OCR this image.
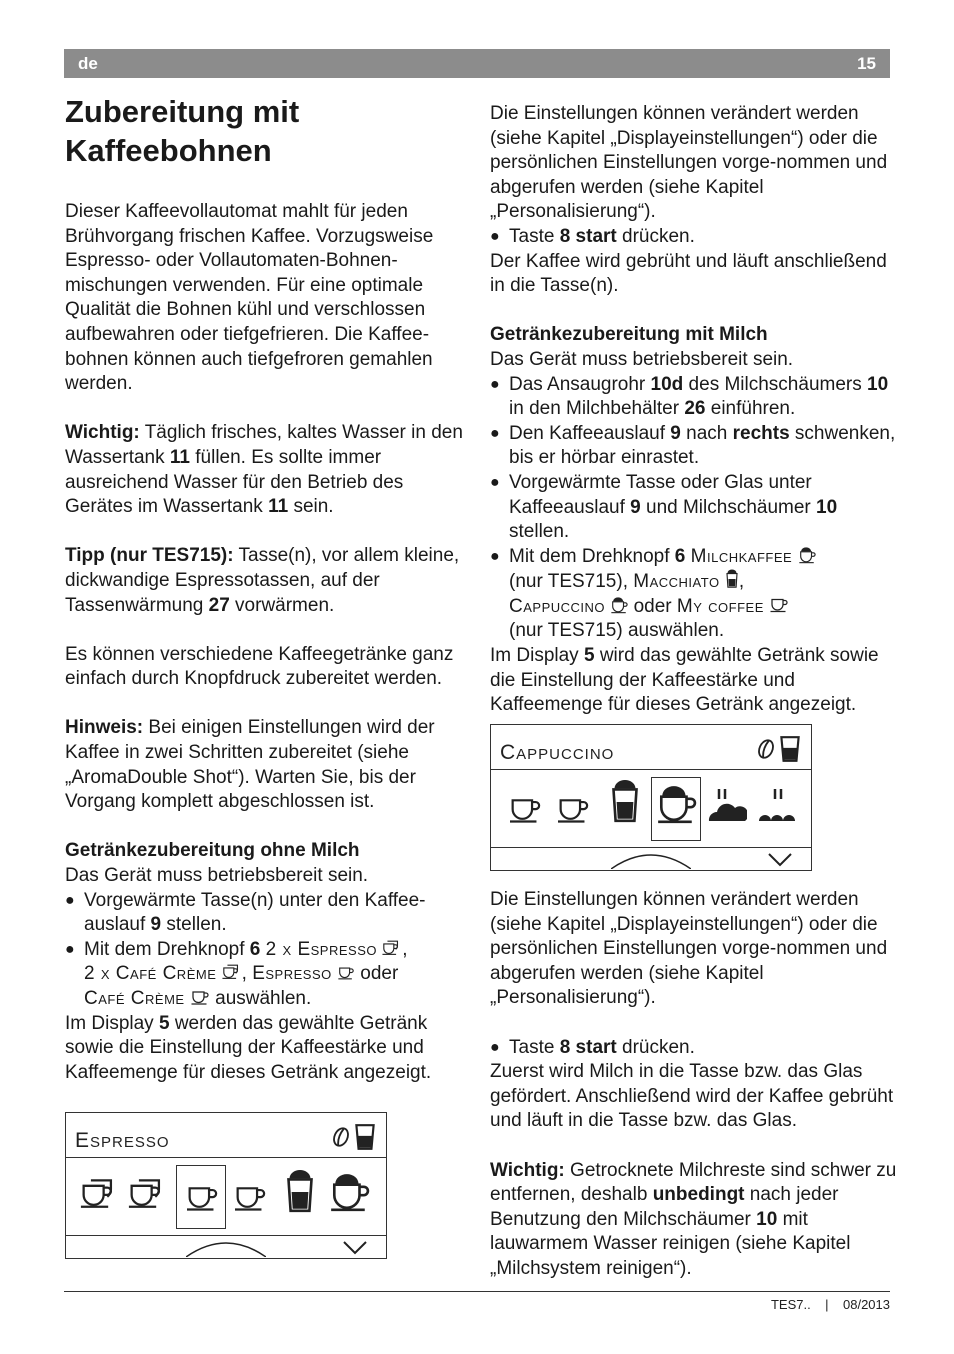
de	15
Zubereitung mit Kaffeebohnen

Dieser Kaffeevollautomat mahlt für jeden Brühvorgang frischen Kaffee. Vorzugsweise Espresso- oder Vollautomaten-Bohnen-mischungen verwenden. Für eine optimale Qualität die Bohnen kühl und verschlossen aufbewahren oder tiefgefrieren. Die Kaffee-bohnen können auch tiefgefroren gemahlen werden.

Wichtig: Täglich frisches, kaltes Wasser in den Wassertank 11 füllen. Es sollte immer ausreichend Wasser für den Betrieb des Gerätes im Wassertank 11 sein.

Tipp (nur TES715): Tasse(n), vor allem kleine, dickwandige Espressotassen, auf der Tassenwärmung 27 vorwärmen.

Es können verschiedene Kaffeegetränke ganz einfach durch Knopfdruck zubereitet werden.

Hinweis: Bei einigen Einstellungen wird der Kaffee in zwei Schritten zubereitet (siehe „AromaDouble Shot“). Warten Sie, bis der Vorgang komplett abgeschlossen ist.

Getränkezubereitung ohne Milch

Das Gerät muss betriebsbereit sein.

● Vorgewärmte Tasse(n) unter den Kaffee-auslauf 9 stellen.
● Mit dem Drehknopf 6 2 x Espresso ,
2 x Café Crème , Espresso  oder
Café Crème  auswählen.

Im Display 5 werden das gewählte Getränk sowie die Einstellung der Kaffeestärke und Kaffeemenge für dieses Getränk angezeigt.

Espresso

Die Einstellungen können verändert werden (siehe Kapitel „Displayeinstellungen“) oder die persönlichen Einstellungen vorge-nommen und abgerufen werden (siehe Kapitel „Personalisierung“).

● Taste 8 start drücken.

Der Kaffee wird gebrüht und läuft anschließend in die Tasse(n).

Getränkezubereitung mit Milch

Das Gerät muss betriebsbereit sein.

● Das Ansaugrohr 10d des Milchschäumers 10 in den Milchbehälter 26 einführen.
● Den Kaffeeauslauf 9 nach rechts schwenken, bis er hörbar einrastet.
● Vorgewärmte Tasse oder Glas unter Kaffeeauslauf 9 und Milchschäumer 10 stellen.
● Mit dem Drehknopf 6 Milchkaffee
(nur TES715), Macchiato ,
Cappuccino  oder My coffee
(nur TES715) auswählen.

Im Display 5 wird das gewählte Getränk sowie die Einstellung der Kaffeestärke und Kaffeemenge für dieses Getränk angezeigt.

Cappuccino

Die Einstellungen können verändert werden (siehe Kapitel „Displayeinstellungen“) oder die persönlichen Einstellungen vorge-nommen und abgerufen werden (siehe Kapitel „Personalisierung“).

● Taste 8 start drücken.

Zuerst wird Milch in die Tasse bzw. das Glas gefördert. Anschließend wird der Kaffee gebrüht und läuft in die Tasse bzw. das Glas.

Wichtig: Getrocknete Milchreste sind schwer zu entfernen, deshalb unbedingt nach jeder Benutzung den Milchschäumer 10 mit lauwarmem Wasser reinigen (siehe Kapitel „Milchsystem reinigen“).

TES7.. | 08/2013
